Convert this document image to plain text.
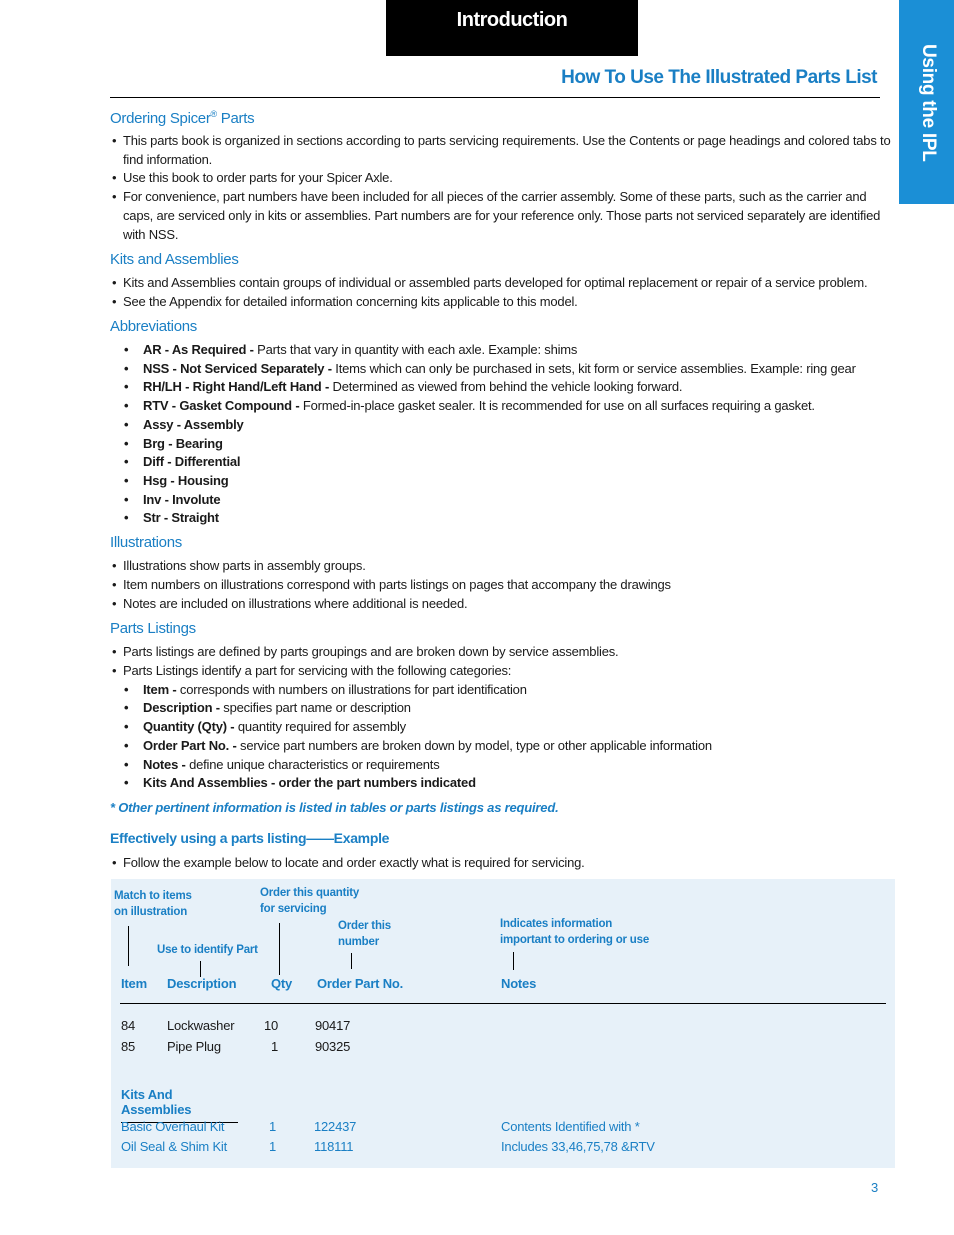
Introduction
Using the IPL
How To Use The Illustrated Parts List
Ordering Spicer® Parts
• This parts book is organized in sections according to parts servicing requirements. Use the Contents or page headings and colored tabs to find information.
• Use this book to order parts for your Spicer Axle.
• For convenience, part numbers have been included for all pieces of the carrier assembly. Some of these parts, such as the carrier and caps, are serviced only in kits or assemblies. Part numbers are for your reference only. Those parts not serviced separately are identified with NSS.
Kits and Assemblies
• Kits and Assemblies contain groups of individual or assembled parts developed for optimal replacement or repair of a service problem.
• See the Appendix for detailed information concerning kits applicable to this model.
Abbreviations
•	AR - As Required - Parts that vary in quantity with each axle. Example: shims
•	NSS - Not Serviced Separately - Items which can only be purchased in sets, kit form or service assemblies. Example: ring gear
•	RH/LH - Right Hand/Left Hand - Determined as viewed from behind the vehicle looking forward.
•	RTV - Gasket Compound - Formed-in-place gasket sealer. It is recommended for use on all surfaces requiring a gasket.
•	Assy - Assembly
•	Brg - Bearing
•	Diff - Differential
•	Hsg - Housing
•	Inv - Involute
•	Str - Straight
Illustrations
• Illustrations show parts in assembly groups.
• Item numbers on illustrations correspond with parts listings on pages that accompany the drawings
• Notes are included on illustrations where additional is needed.
Parts Listings
• Parts listings are defined by parts groupings and are broken down by service assemblies.
• Parts Listings identify a part for servicing with the following categories:
•	Item - corresponds with numbers on illustrations for part identification
•	Description - specifies part name or description
•	Quantity (Qty) - quantity required for assembly
•	Order Part No. - service part numbers are broken down by model, type or other applicable information
•	Notes - define unique characteristics or requirements
•	Kits And Assemblies - order the part numbers indicated
* Other pertinent information is listed in tables or parts listings as required.
Effectively using a parts listing——Example
• Follow the example below to locate and order exactly what is required for servicing.
Match to items
on illustration
Order this quantity
for servicing
Order this
number
Indicates information
important to ordering or use
Use to identify Part
Item Description	Qty Order Part No.	Notes
84 Lockwasher 10	90417
85 Pipe Plug	1	90325
Kits And Assemblies
Basic Overhaul Kit	1	122437	Contents Identified with *
Oil Seal & Shim Kit	1	118111	Includes 33,46,75,78 &RTV
3
